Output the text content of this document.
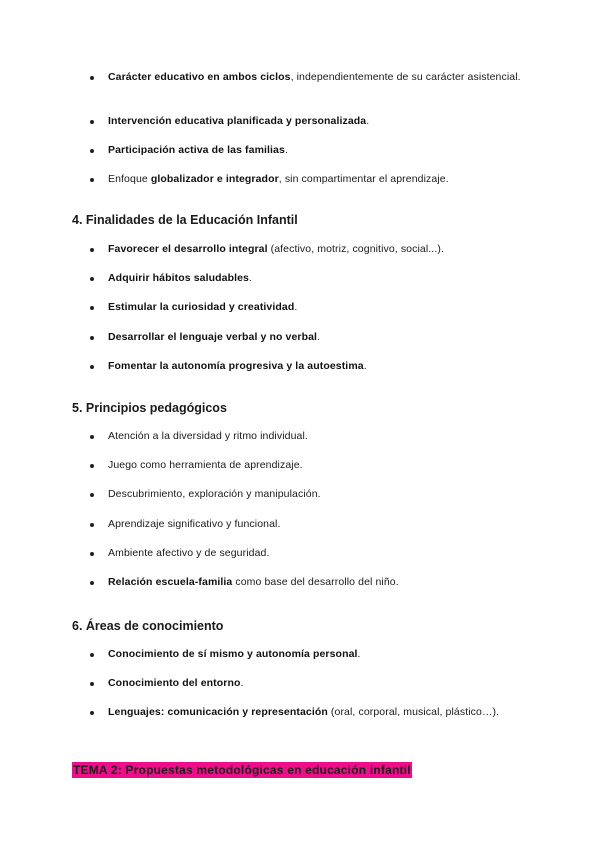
Carácter educativo en ambos ciclos, independientemente de su carácter asistencial.
Intervención educativa planificada y personalizada.
Participación activa de las familias.
Enfoque globalizador e integrador, sin compartimentar el aprendizaje.
4. Finalidades de la Educación Infantil
Favorecer el desarrollo integral (afectivo, motriz, cognitivo, social...).
Adquirir hábitos saludables.
Estimular la curiosidad y creatividad.
Desarrollar el lenguaje verbal y no verbal.
Fomentar la autonomía progresiva y la autoestima.
5. Principios pedagógicos
Atención a la diversidad y ritmo individual.
Juego como herramienta de aprendizaje.
Descubrimiento, exploración y manipulación.
Aprendizaje significativo y funcional.
Ambiente afectivo y de seguridad.
Relación escuela-familia como base del desarrollo del niño.
6. Áreas de conocimiento
Conocimiento de sí mismo y autonomía personal.
Conocimiento del entorno.
Lenguajes: comunicación y representación (oral, corporal, musical, plástico…).
TEMA 2: Propuestas metodológicas en educación infantil
